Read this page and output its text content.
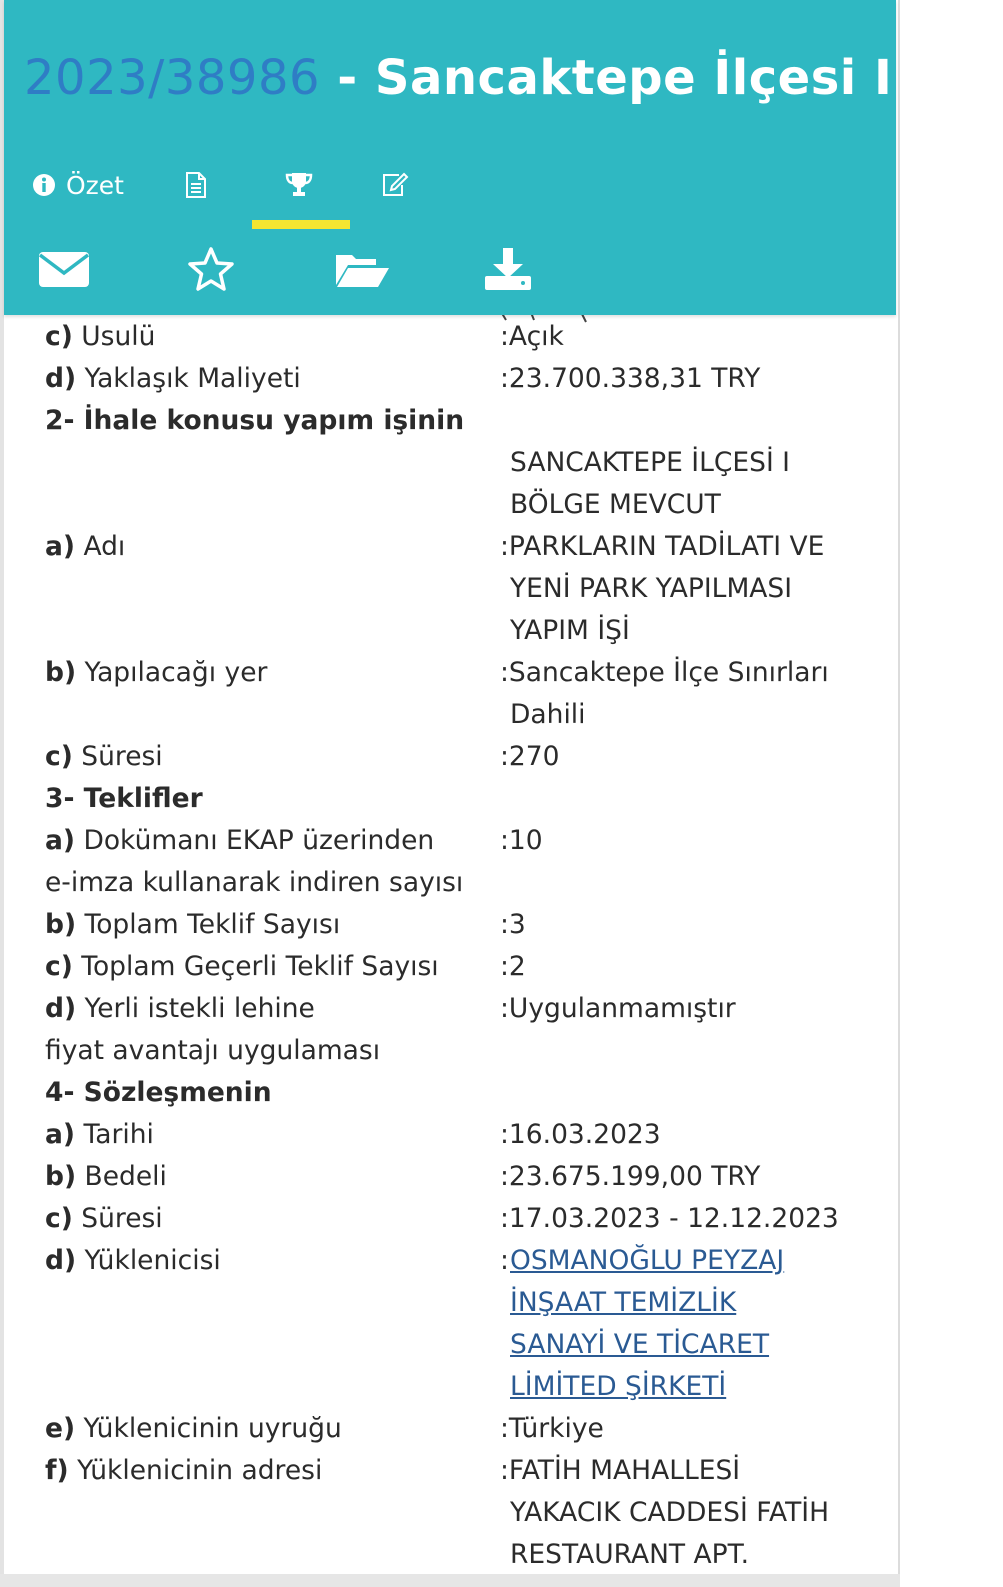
c) Usulü	:Açık
d) Yaklaşık Maliyeti	:23.700.338,31 TRY
2- İhale konusu yapım işinin
SANCAKTEPE İLÇESİ I
BÖLGE MEVCUT
a) Adı	:PARKLARIN TADİLATI VE
YENİ PARK YAPILMASI
YAPIM İŞİ
b) Yapılacağı yer	:Sancaktepe İlçe Sınırları
Dahili
c) Süresi	:270
3- Teklifler
a) Dokümanı EKAP üzerinden :10
e-imza kullanarak indiren sayısı
b) Toplam Teklif Sayısı	:3
c) Toplam Geçerli Teklif Sayısı :2
d) Yerli istekli lehine	:Uygulanmamıştır
fiyat avantajı uygulaması
4- Sözleşmenin
a) Tarihi	:16.03.2023
b) Bedeli	:23.675.199,00 TRY
c) Süresi	:17.03.2023 - 12.12.2023
d) Yüklenicisi	: OSMANOĞLU PEYZAJ
İNŞAAT TEMİZLİK
SANAYİ VE TİCARET
LİMİTED ŞİRKETİ
e) Yüklenicinin uyruğu	:Türkiye
f) Yüklenicinin adresi	:FATİH MAHALLESİ
YAKACIK CADDESİ FATİH
RESTAURANT APT.
2023/38986 - Sancaktepe İlçesi I B...
Özet
